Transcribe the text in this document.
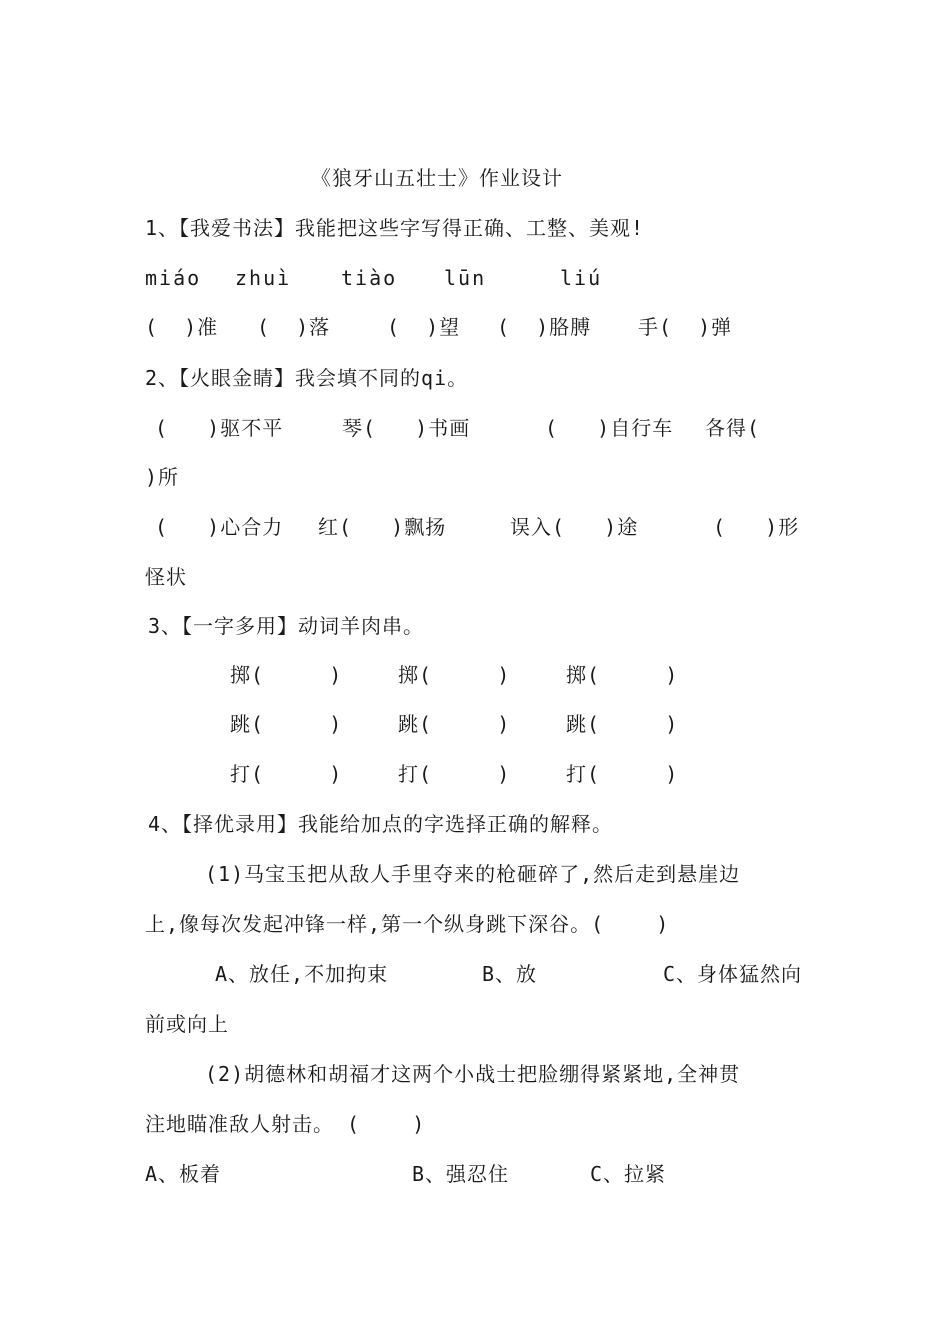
《狼牙山五壮士》作业设计
1、【我爱书法】我能把这些字写得正确、工整、美观!
miáo zhuì tiào lūn	liú
(  )准 (  )落	(  )望 (  )胳膊 手(  )弹
2、【火眼金睛】我会填不同的qi。
(   )驱不平	琴(   )书画	(   )自行车 各得(
)所
(   )心合力 红(   )飘扬	误入(   )途	(   )形
怪状
3、【一字多用】动词羊肉串。
掷(     )	掷(     )	掷(     )
跳(     )	跳(     )	跳(     )
打(     )	打(     )	打(     )
4、【择优录用】我能给加点的字选择正确的解释。
(1)马宝玉把从敌人手里夺来的枪砸碎了,然后走到悬崖边
上,像每次发起冲锋一样,第一个纵身跳下深谷。(    )
A、放任,不加拘束	B、放	C、身体猛然向
前或向上
(2)胡德林和胡福才这两个小战士把脸绷得紧紧地,全神贯
注地瞄准敌人射击。 (    )
A、板着	B、强忍住	C、拉紧
